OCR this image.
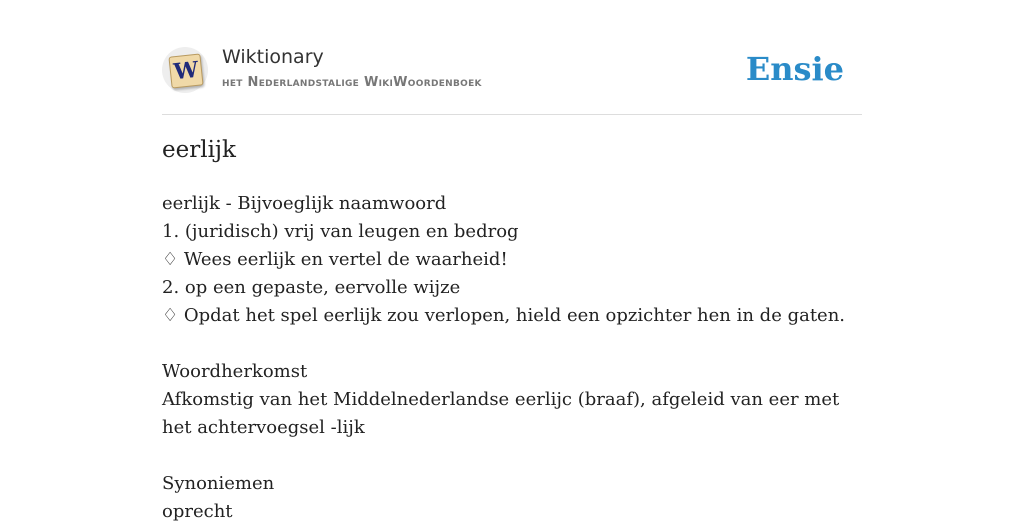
W Wiktionary
het Nederlandstalige WikiWoordenboek	Ensie
eerlijk
eerlijk - Bijvoeglijk naamwoord
1. (juridisch) vrij van leugen en bedrog
♢ Wees eerlijk en vertel de waarheid!
2. op een gepaste, eervolle wijze
♢ Opdat het spel eerlijk zou verlopen, hield een opzichter hen in de gaten.
Woordherkomst
Afkomstig van het Middelnederlandse eerlijc (braaf), afgeleid van eer met het achtervoegsel -lijk
Synoniemen
oprecht
